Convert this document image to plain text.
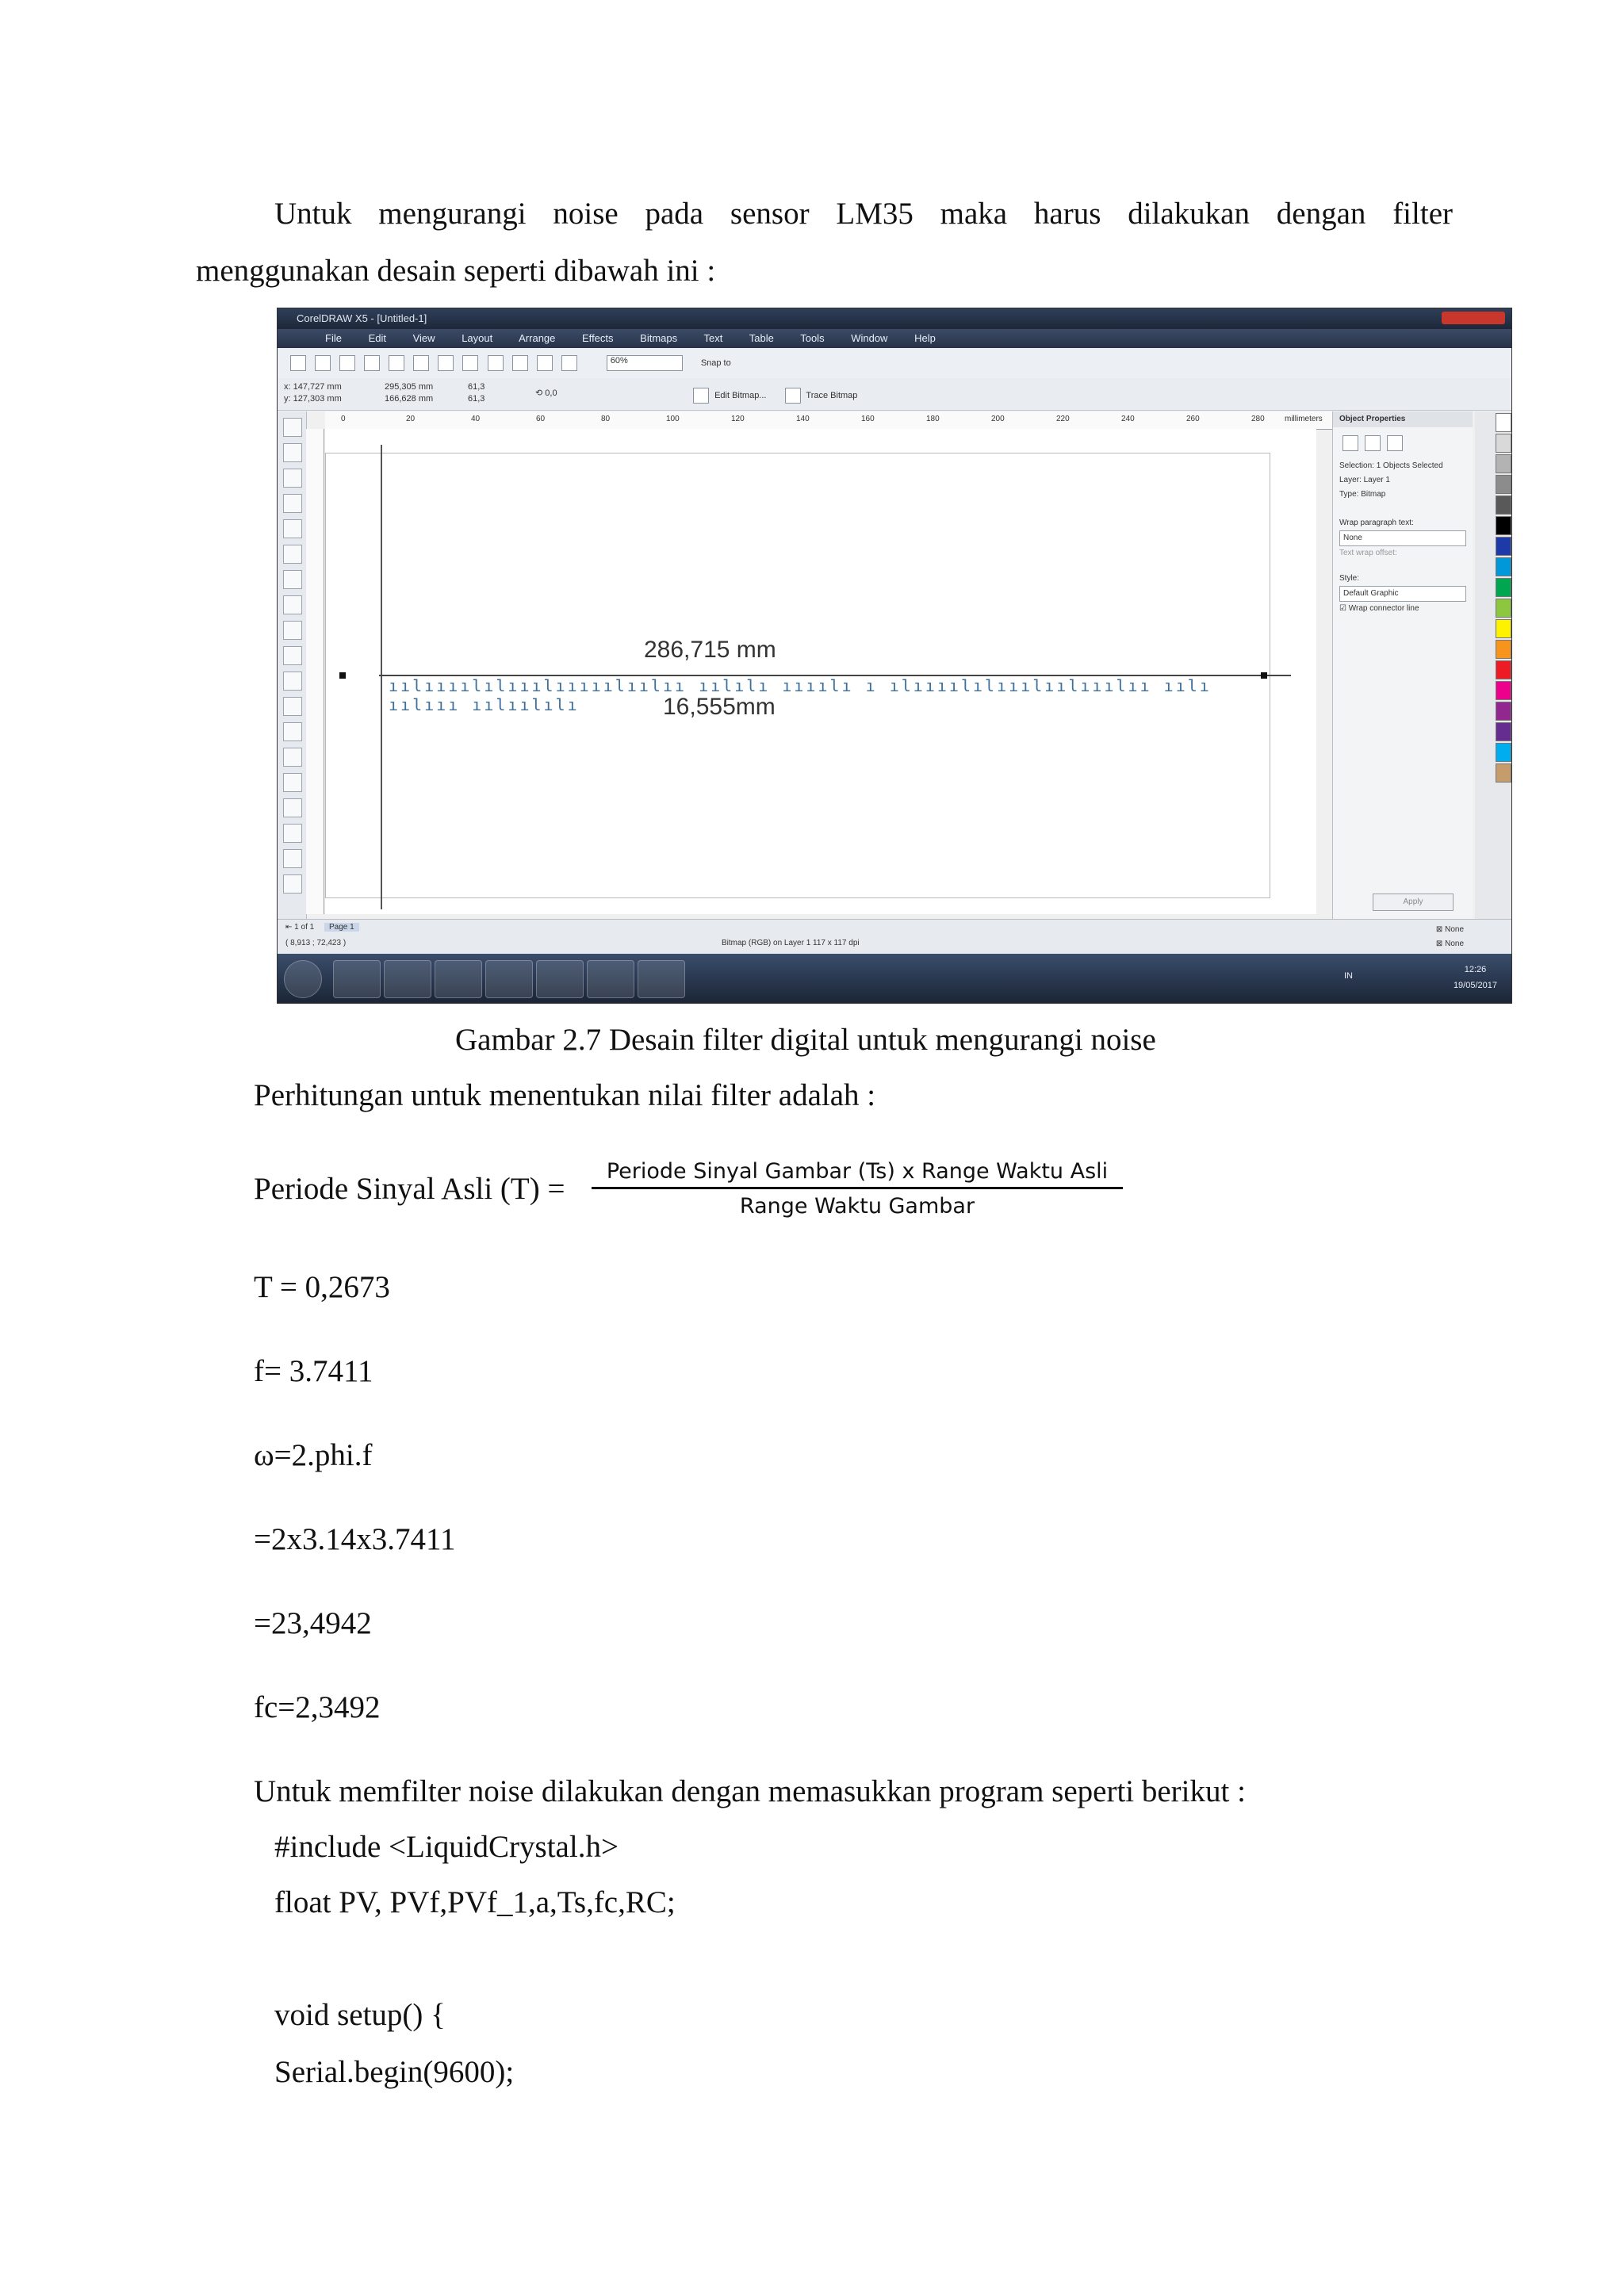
Untuk mengurangi noise pada sensor LM35 maka harus dilakukan dengan filter
menggunakan desain seperti dibawah ini :
CorelDRAW X5 - [Untitled-1]
File	Edit	View	Layout	Arrange	Effects	Bitmaps	Text	Table	Tools	Window	Help
60%	Snap to
x: 147,727 mm
y: 127,303 mm
295,305 mm
166,628 mm
61,3
61,3
⟲ 0,0	Edit Bitmap...	Trace Bitmap
0	20	40	60	80	100	120	140	160	180	200	220	240	260	280	millimeters
286,715 mm
16,555mm
ıılıııılılııılııııılıılıı ıılılı ıııılı ı ılıııılılııılıılııılıı ıılı ıılııı ıılıılılı
Object Properties
Selection: 1 Objects Selected
Layer: Layer 1
Type: Bitmap
Wrap paragraph text:
None
Text wrap offset:
Style:
Default Graphic
☑ Wrap connector line
Apply
⇤ 1 of 1 Page 1
( 8,913 ; 72,423 )	Bitmap (RGB) on Layer 1 117 x 117 dpi
⊠ None
⊠ None
IN
12:26
19/05/2017
Gambar 2.7 Desain filter digital untuk mengurangi noise
Perhitungan untuk menentukan nilai filter adalah :
Periode Sinyal Asli (T) =
Periode Sinyal Gambar (Ts) x Range Waktu Asli
Range Waktu Gambar
T = 0,2673
f= 3.7411
ω=2.phi.f
=2x3.14x3.7411
=23,4942
fc=2,3492
Untuk memfilter noise dilakukan dengan memasukkan program seperti berikut :
#include <LiquidCrystal.h>
float PV, PVf,PVf_1,a,Ts,fc,RC;
void setup() {
Serial.begin(9600);
